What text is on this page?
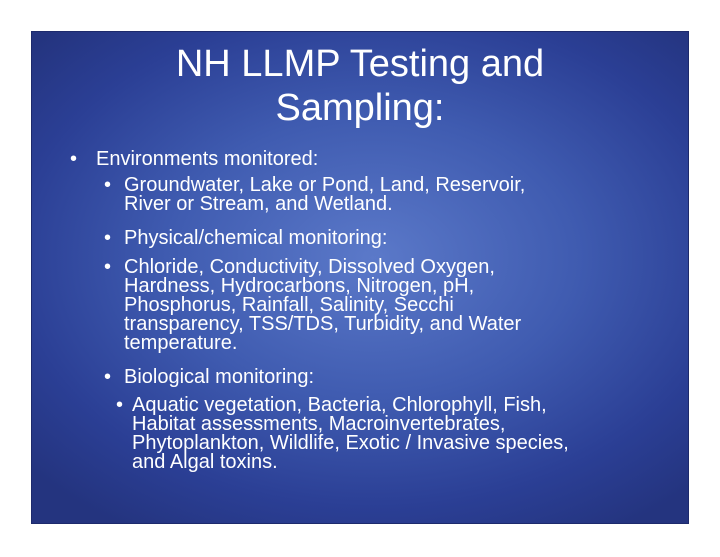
NH LLMP Testing and
Sampling:
• Environments monitored:
• Groundwater, Lake or Pond, Land, Reservoir,
River or Stream, and Wetland.
• Physical/chemical monitoring:
• Chloride, Conductivity, Dissolved Oxygen,
Hardness, Hydrocarbons, Nitrogen, pH,
Phosphorus, Rainfall, Salinity, Secchi
transparency, TSS/TDS, Turbidity, and Water
temperature.
• Biological monitoring:
• Aquatic vegetation, Bacteria, Chlorophyll, Fish,
Habitat assessments, Macroinvertebrates,
Phytoplankton, Wildlife, Exotic / Invasive species,
and Algal toxins.
